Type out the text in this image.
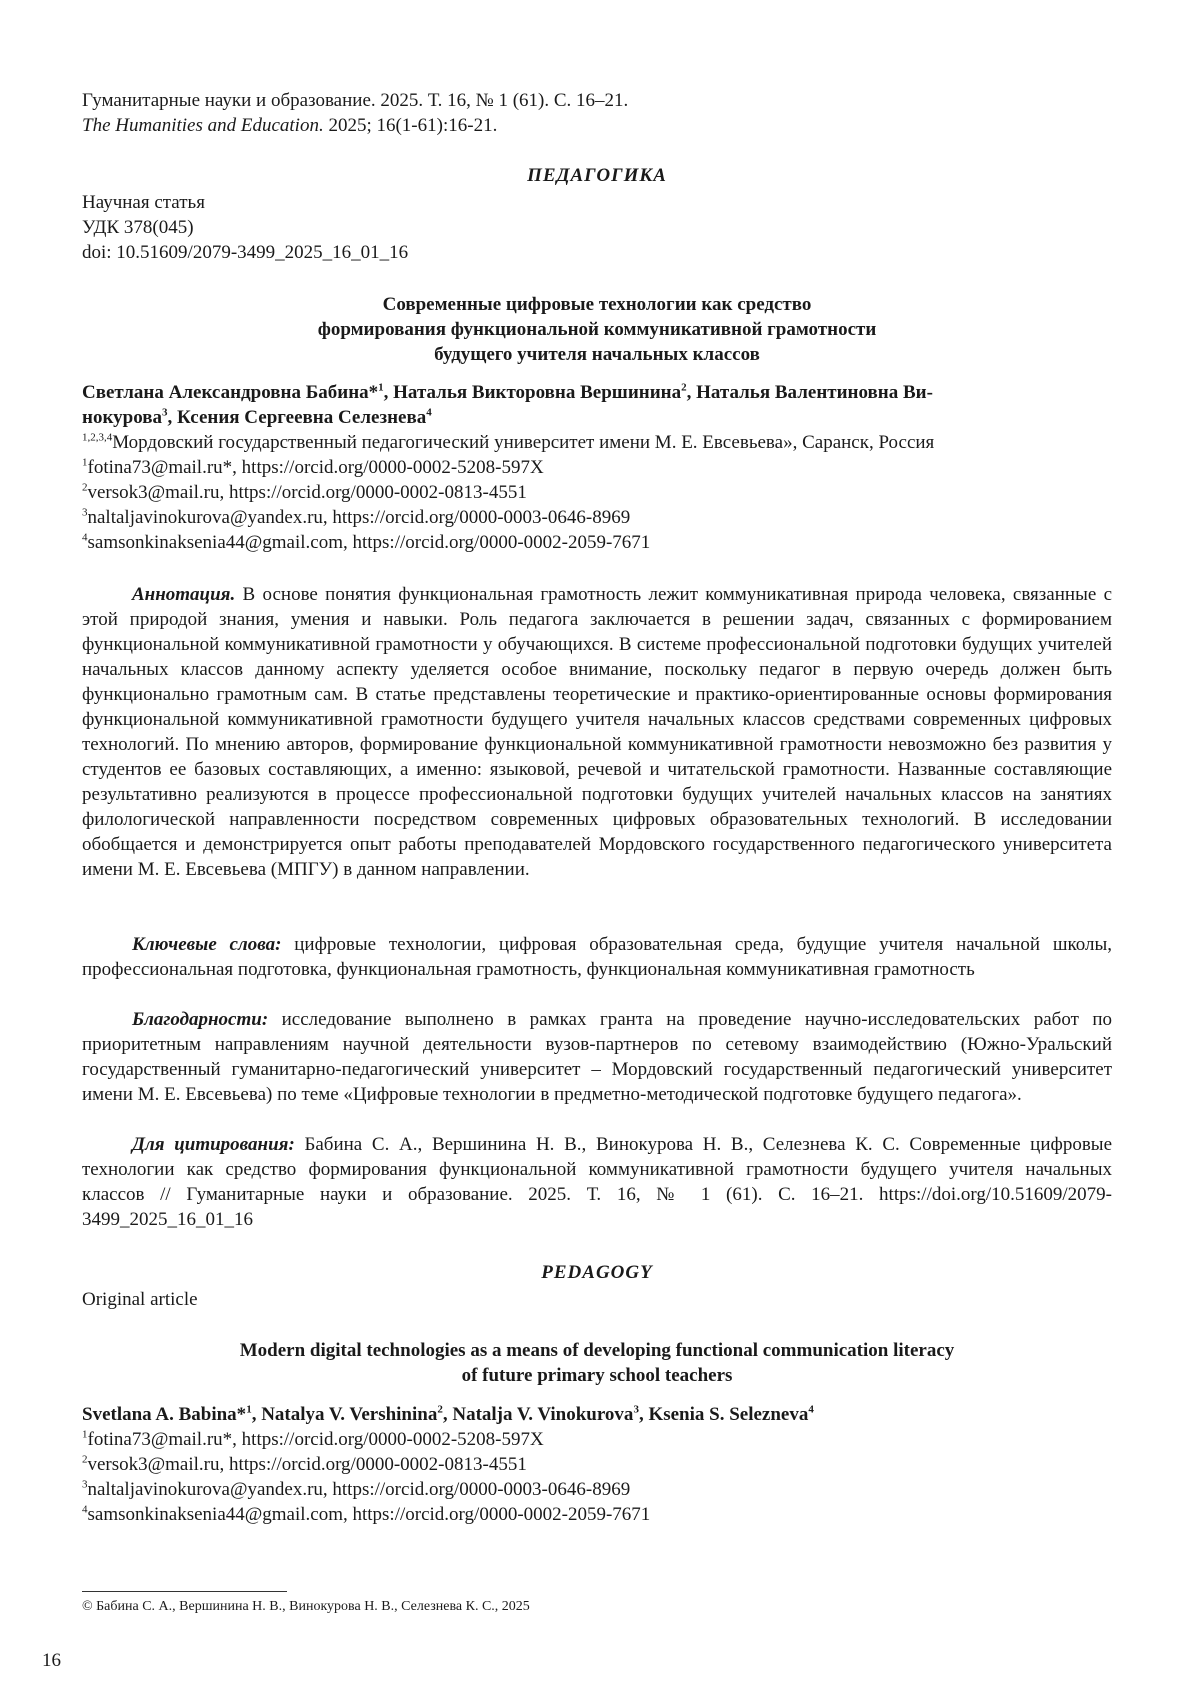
Гуманитарные науки и образование. 2025. Т. 16, № 1 (61). С. 16–21.
The Humanities and Education. 2025; 16(1-61):16-21.
ПЕДАГОГИКА
Научная статья
УДК 378(045)
doi: 10.51609/2079-3499_2025_16_01_16
Современные цифровые технологии как средство
формирования функциональной коммуникативной грамотности
будущего учителя начальных классов
Светлана Александровна Бабина*$^1$, Наталья Викторовна Вершинина$^2$, Наталья Валентиновна Ви-
нокурова$^3$, Ксения Сергеевна Селезнева$^4$
$^{1,2,3,4}$Мордовский государственный педагогический университет имени М. Е. Евсевьева», Саранск, Россия
$^1$fotina73@mail.ru*, https://orcid.org/0000-0002-5208-597X
$^2$versok3@mail.ru, https://orcid.org/0000-0002-0813-4551
$^3$naltaljavinokurova@yandex.ru, https://orcid.org/0000-0003-0646-8969
$^4$samsonkinaksenia44@gmail.com, https://orcid.org/0000-0002-2059-7671
Аннотация. В основе понятия функциональная грамотность лежит коммуникативная природа человека, связанные с этой природой знания, умения и навыки. Роль педагога заключается в решении задач, связанных с формированием функциональной коммуникативной грамотности у обучающихся. В системе профессиональной подготовки будущих учителей начальных классов данному аспекту уделяется особое внимание, поскольку педагог в первую очередь должен быть функционально грамотным сам. В статье представлены теоретические и практико-ориентированные основы формирования функциональной коммуникативной грамотности будущего учителя начальных классов средствами современных цифровых технологий. По мнению авторов, формирование функциональной коммуникативной грамотности невозможно без развития у студентов ее базовых составляющих, а именно: языковой, речевой и читательской грамотности. Названные составляющие результативно реализуются в процессе профессиональной подготовки будущих учителей начальных классов на занятиях филологической направленности посредством современных цифровых образовательных технологий. В исследовании обобщается и демонстрируется опыт работы преподавателей Мордовского государственного педагогического университета имени М. Е. Евсевьева (МПГУ) в данном направлении.
Ключевые слова: цифровые технологии, цифровая образовательная среда, будущие учителя начальной школы, профессиональная подготовка, функциональная грамотность, функциональная коммуникативная грамотность
Благодарности: исследование выполнено в рамках гранта на проведение научно-исследовательских работ по приоритетным направлениям научной деятельности вузов-партнеров по сетевому взаимодействию (Южно-Уральский государственный гуманитарно-педагогический университет – Мордовский государственный педагогический университет имени М. Е. Евсевьева) по теме «Цифровые технологии в предметно-методической подготовке будущего педагога».
Для цитирования: Бабина С. А., Вершинина Н. В., Винокурова Н. В., Селезнева К. С. Современные цифровые технологии как средство формирования функциональной коммуникативной грамотности будущего учителя начальных классов // Гуманитарные науки и образование. 2025. Т. 16, № 1 (61). С. 16–21. https://doi.org/10.51609/2079-3499_2025_16_01_16
PEDAGOGY
Original article
Modern digital technologies as a means of developing functional communication literacy
of future primary school teachers
Svetlana A. Babina*$^1$, Natalya V. Vershinina$^2$, Natalja V. Vinokurova$^3$, Ksenia S. Selezneva$^4$
$^1$fotina73@mail.ru*, https://orcid.org/0000-0002-5208-597X
$^2$versok3@mail.ru, https://orcid.org/0000-0002-0813-4551
$^3$naltaljavinokurova@yandex.ru, https://orcid.org/0000-0003-0646-8969
$^4$samsonkinaksenia44@gmail.com, https://orcid.org/0000-0002-2059-7671
© Бабина С. А., Вершинина Н. В., Винокурова Н. В., Селезнева К. С., 2025
16
